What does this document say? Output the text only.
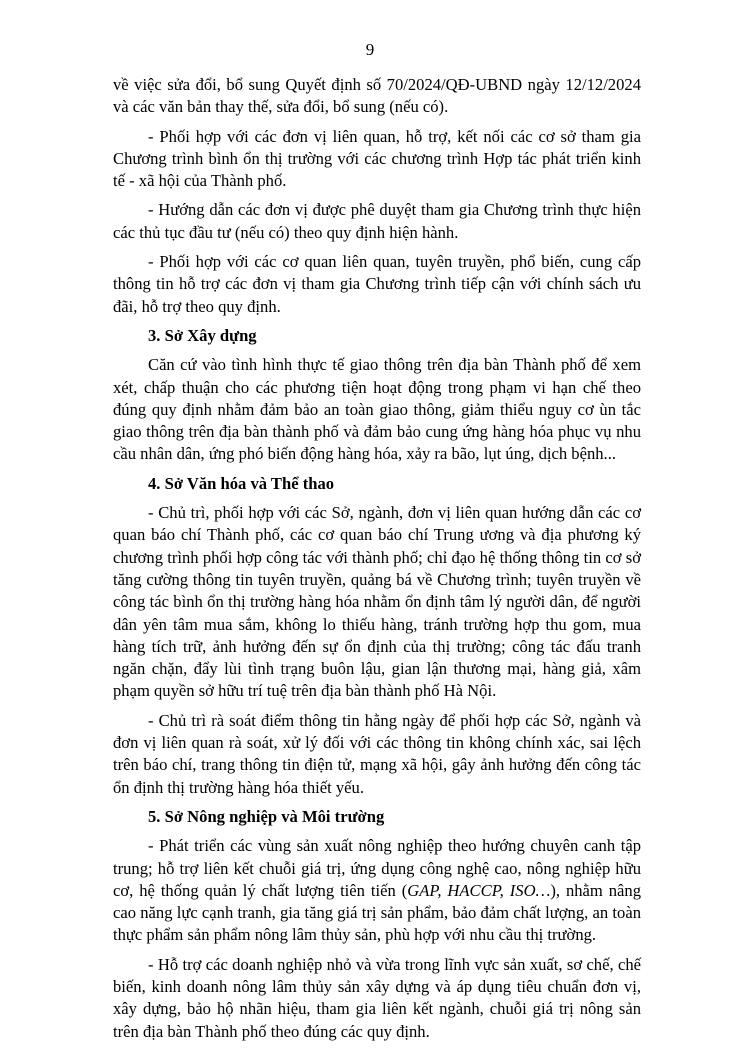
9

về việc sửa đổi, bổ sung Quyết định số 70/2024/QĐ-UBND ngày 12/12/2024 và các văn bản thay thế, sửa đổi, bổ sung (nếu có).

- Phối hợp với các đơn vị liên quan, hỗ trợ, kết nối các cơ sở tham gia Chương trình bình ổn thị trường với các chương trình Hợp tác phát triển kinh tế - xã hội của Thành phố.

- Hướng dẫn các đơn vị được phê duyệt tham gia Chương trình thực hiện các thủ tục đầu tư (nếu có) theo quy định hiện hành.

- Phối hợp với các cơ quan liên quan, tuyên truyền, phổ biến, cung cấp thông tin hỗ trợ các đơn vị tham gia Chương trình tiếp cận với chính sách ưu đãi, hỗ trợ theo quy định.

3. Sở Xây dựng

Căn cứ vào tình hình thực tế giao thông trên địa bàn Thành phố để xem xét, chấp thuận cho các phương tiện hoạt động trong phạm vi hạn chế theo đúng quy định nhằm đảm bảo an toàn giao thông, giảm thiểu nguy cơ ùn tắc giao thông trên địa bàn thành phố và đảm bảo cung ứng hàng hóa phục vụ nhu cầu nhân dân, ứng phó biến động hàng hóa, xảy ra bão, lụt úng, dịch bệnh...

4. Sở Văn hóa và Thể thao

- Chủ trì, phối hợp với các Sở, ngành, đơn vị liên quan hướng dẫn các cơ quan báo chí Thành phố, các cơ quan báo chí Trung ương và địa phương ký chương trình phối hợp công tác với thành phố; chỉ đạo hệ thống thông tin cơ sở tăng cường thông tin tuyên truyền, quảng bá về Chương trình; tuyên truyền về công tác bình ổn thị trường hàng hóa nhằm ổn định tâm lý người dân, để người dân yên tâm mua sắm, không lo thiếu hàng, tránh trường hợp thu gom, mua hàng tích trữ, ảnh hưởng đến sự ổn định của thị trường; công tác đấu tranh ngăn chặn, đẩy lùi tình trạng buôn lậu, gian lận thương mại, hàng giả, xâm phạm quyền sở hữu trí tuệ trên địa bàn thành phố Hà Nội.

- Chủ trì rà soát điểm thông tin hằng ngày để phối hợp các Sở, ngành và đơn vị liên quan rà soát, xử lý đối với các thông tin không chính xác, sai lệch trên báo chí, trang thông tin điện tử, mạng xã hội, gây ảnh hưởng đến công tác ổn định thị trường hàng hóa thiết yếu.

5. Sở Nông nghiệp và Môi trường

- Phát triển các vùng sản xuất nông nghiệp theo hướng chuyên canh tập trung; hỗ trợ liên kết chuỗi giá trị, ứng dụng công nghệ cao, nông nghiệp hữu cơ, hệ thống quản lý chất lượng tiên tiến (GAP, HACCP, ISO…), nhằm nâng cao năng lực cạnh tranh, gia tăng giá trị sản phẩm, bảo đảm chất lượng, an toàn thực phẩm sản phẩm nông lâm thủy sản, phù hợp với nhu cầu thị trường.

- Hỗ trợ các doanh nghiệp nhỏ và vừa trong lĩnh vực sản xuất, sơ chế, chế biến, kinh doanh nông lâm thủy sản xây dựng và áp dụng tiêu chuẩn đơn vị, xây dựng, bảo hộ nhãn hiệu, tham gia liên kết ngành, chuỗi giá trị nông sản trên địa bàn Thành phố theo đúng các quy định.
